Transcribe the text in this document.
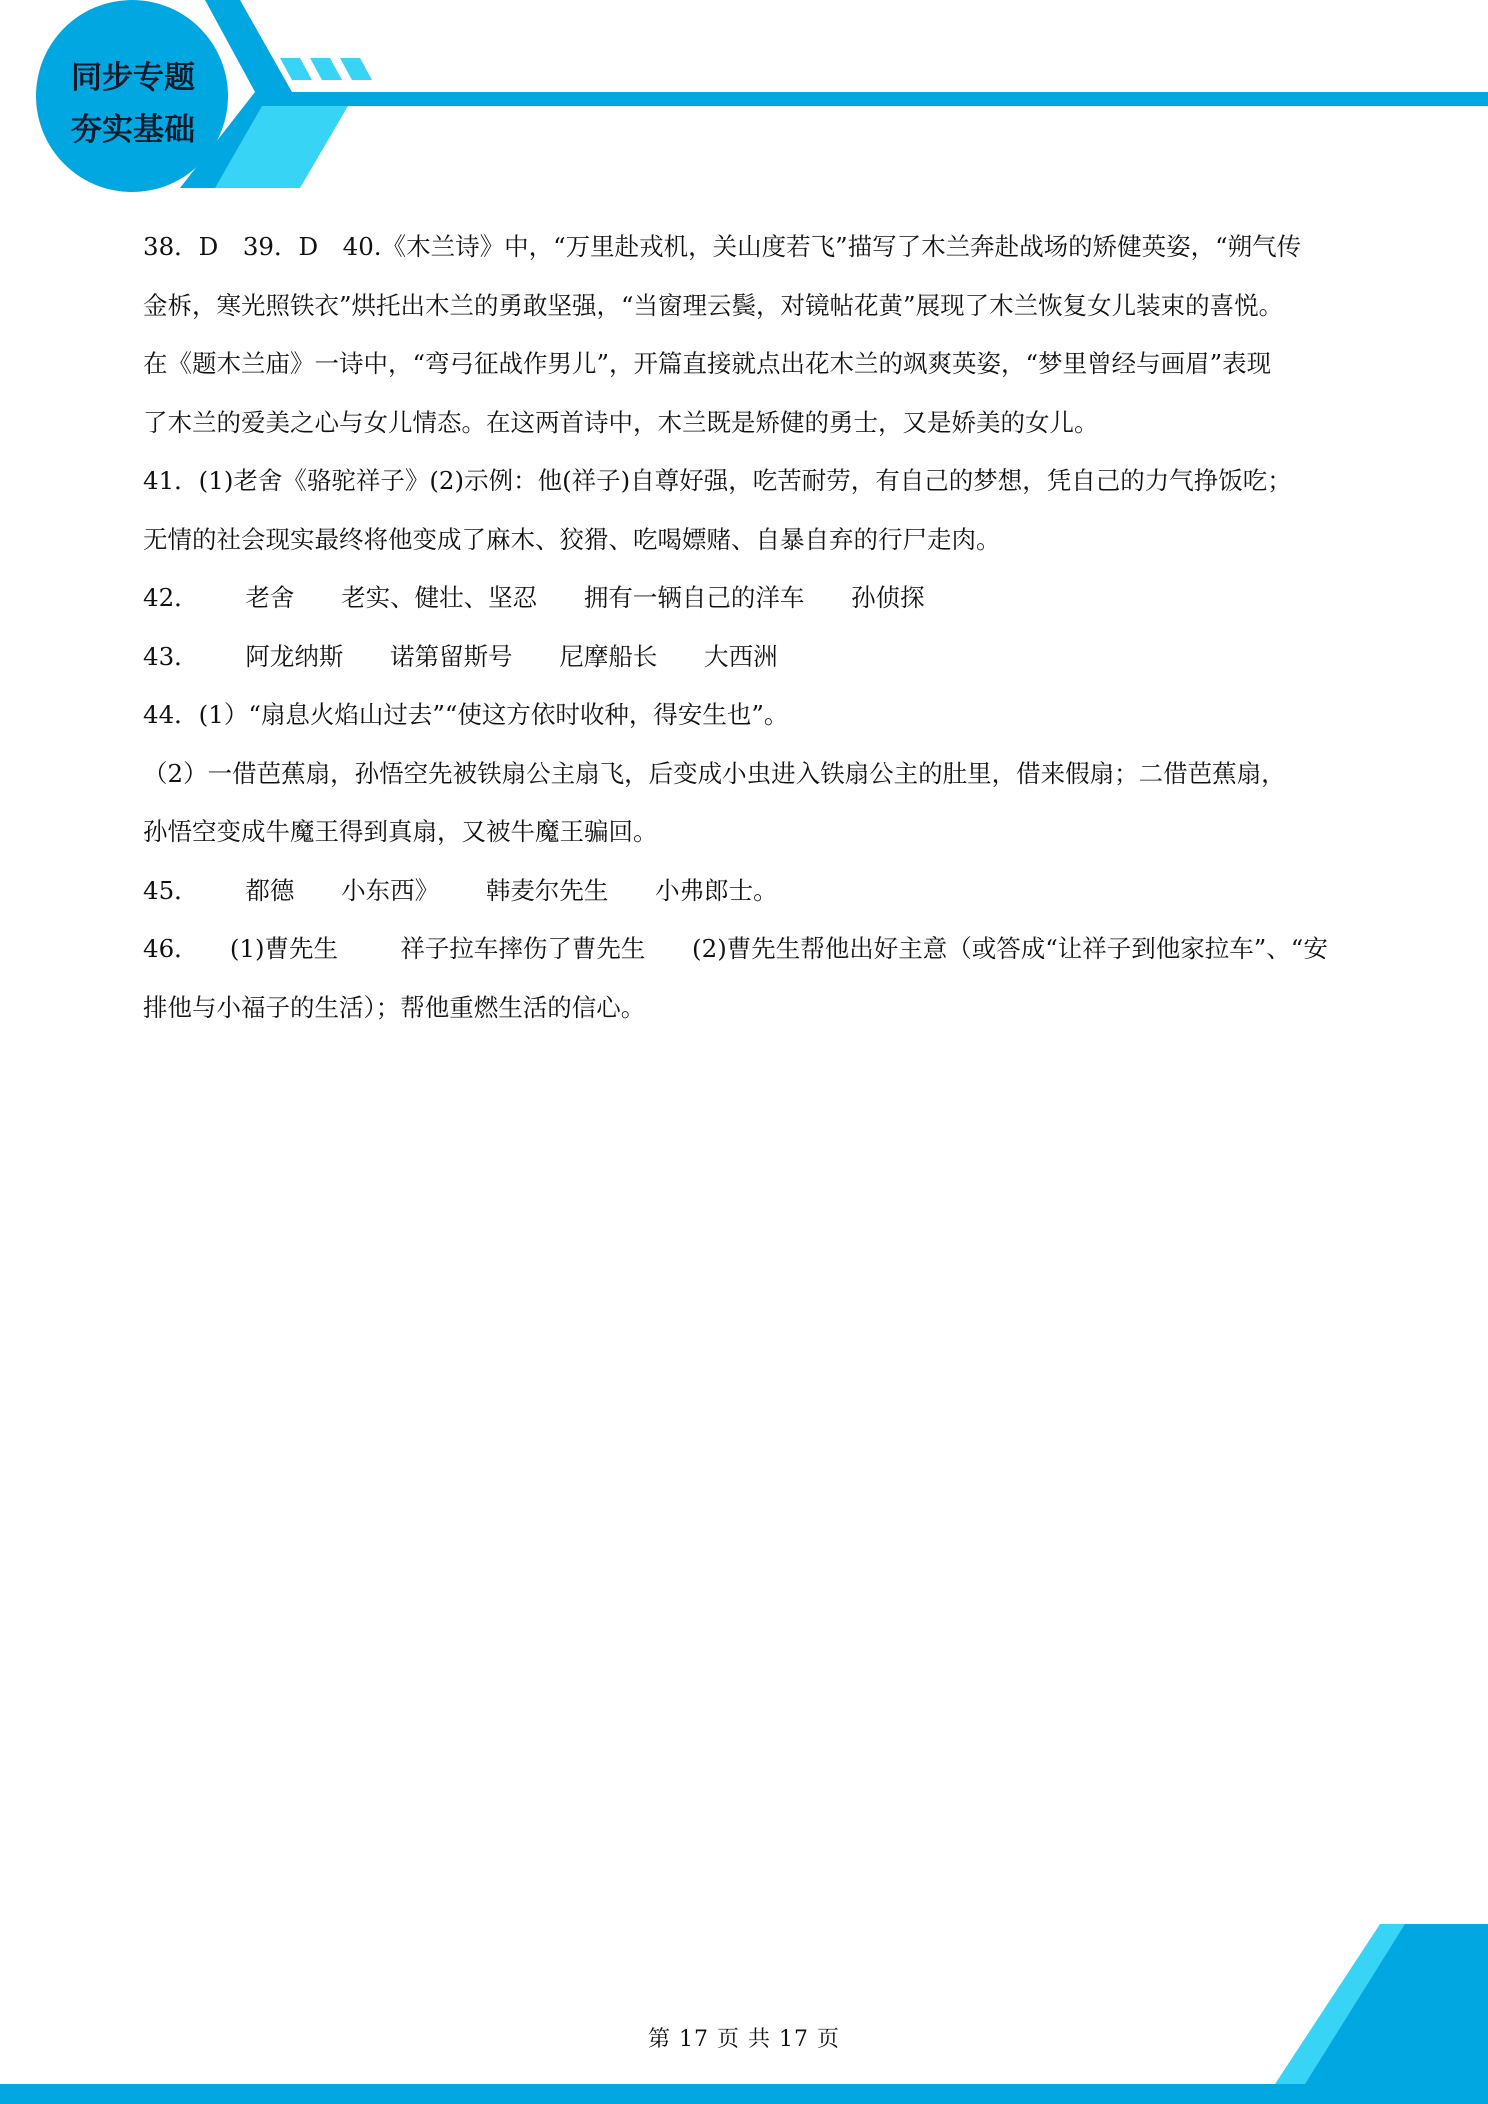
同步专题
夯实基础
38．D　39．D　40.《木兰诗》中，“万里赴戎机，关山度若飞”描写了木兰奔赴战场的矫健英姿，“朔气传
金柝，寒光照铁衣”烘托出木兰的勇敢坚强，“当窗理云鬓，对镜帖花黄”展现了木兰恢复女儿装束的喜悦。
在《题木兰庙》一诗中，“弯弓征战作男儿”，开篇直接就点出花木兰的飒爽英姿，“梦里曾经与画眉”表现
了木兰的爱美之心与女儿情态。在这两首诗中，木兰既是矫健的勇士，又是娇美的女儿。
41．(1)老舍《骆驼祥子》(2)示例：他(祥子)自尊好强，吃苦耐劳，有自己的梦想，凭自己的力气挣饭吃；
无情的社会现实最终将他变成了麻木、狡猾、吃喝嫖赌、自暴自弃的行尸走肉。
42．      老舍      老实、健壮、坚忍      拥有一辆自己的洋车      孙侦探
43．      阿龙纳斯      诺第留斯号      尼摩船长      大西洲
44．(1）“扇息火焰山过去”“使这方依时收种，得安生也”。
（2）一借芭蕉扇，孙悟空先被铁扇公主扇飞，后变成小虫进入铁扇公主的肚里，借来假扇；二借芭蕉扇，
孙悟空变成牛魔王得到真扇，又被牛魔王骗回。
45．      都德      小东西》      韩麦尔先生      小弗郎士。
46．    (1)曹先生        祥子拉车摔伤了曹先生      (2)曹先生帮他出好主意（或答成“让祥子到他家拉车”、“安
排他与小福子的生活）；帮他重燃生活的信心。
第 17 页 共 17 页
